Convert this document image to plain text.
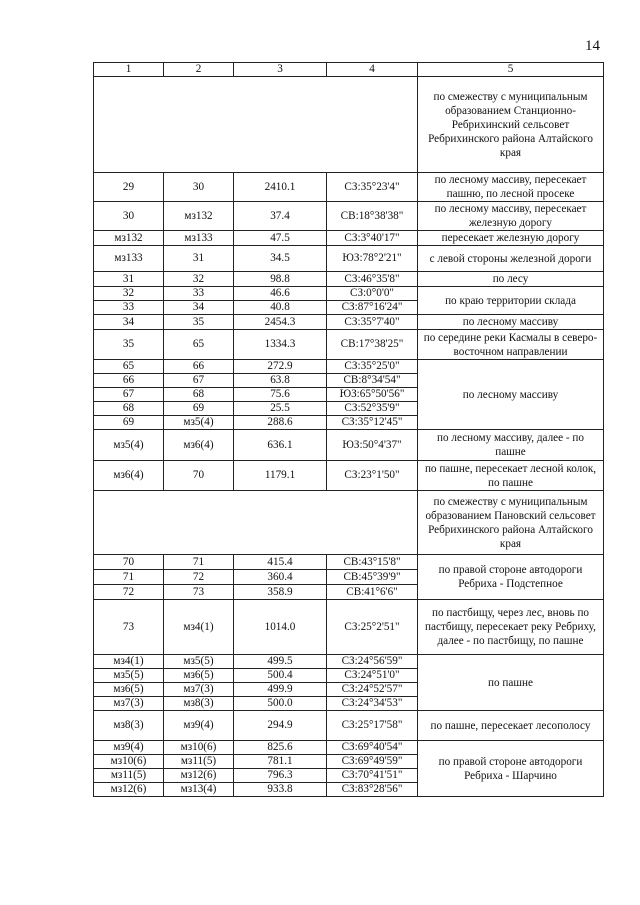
14
1	2	3	4	5
				по смежеству с муниципальным образованием Станционно-Ребрихинский сельсовет Ребрихинского района Алтайского края
29	30	2410.1	СЗ:35°23'4"	по лесному массиву, пересекает пашню, по лесной просеке
30	мз132	37.4	СВ:18°38'38"	по лесному массиву, пересекает железную дорогу
мз132	мз133	47.5	СЗ:3°40'17"	пересекает железную дорогу
мз133	31	34.5	ЮЗ:78°2'21"	с левой стороны железной дороги
31	32	98.8	СЗ:46°35'8"	по лесу
32	33	46.6	СЗ:0°0'0"	по краю территории склада
33	34	40.8	СЗ:87°16'24"	
34	35	2454.3	СЗ:35°7'40"	по лесному массиву
35	65	1334.3	СВ:17°38'25"	по середине реки Касмалы в северо-восточном направлении
65	66	272.9	СЗ:35°25'0"	по лесному массиву
66	67	63.8	СВ:8°34'54"	
67	68	75.6	ЮЗ:65°50'56"	
68	69	25.5	СЗ:52°35'9"	
69	мз5(4)	288.6	СЗ:35°12'45"	
мз5(4)	мз6(4)	636.1	ЮЗ:50°4'37"	по лесному массиву, далее - по пашне
мз6(4)	70	1179.1	СЗ:23°1'50"	по пашне, пересекает лесной колок, по пашне
				по смежеству с муниципальным образованием Пановский сельсовет Ребрихинского района Алтайского края
70	71	415.4	СВ:43°15'8"	по правой стороне автодороги Ребриха - Подстепное
71	72	360.4	СВ:45°39'9"	
72	73	358.9	СВ:41°6'6"	
73	мз4(1)	1014.0	СЗ:25°2'51"	по пастбищу, через лес, вновь по пастбищу, пересекает реку Ребриху, далее - по пастбищу, по пашне
мз4(1)	мз5(5)	499.5	СЗ:24°56'59"	по пашне
мз5(5)	мз6(5)	500.4	СЗ:24°51'0"	
мз6(5)	мз7(3)	499.9	СЗ:24°52'57"	
мз7(3)	мз8(3)	500.0	СЗ:24°34'53"	
мз8(3)	мз9(4)	294.9	СЗ:25°17'58"	по пашне, пересекает лесополосу
мз9(4)	мз10(6)	825.6	СЗ:69°40'54"	по правой стороне автодороги Ребриха - Шарчино
мз10(6)	мз11(5)	781.1	СЗ:69°49'59"	
мз11(5)	мз12(6)	796.3	СЗ:70°41'51"	
мз12(6)	мз13(4)	933.8	СЗ:83°28'56"	
